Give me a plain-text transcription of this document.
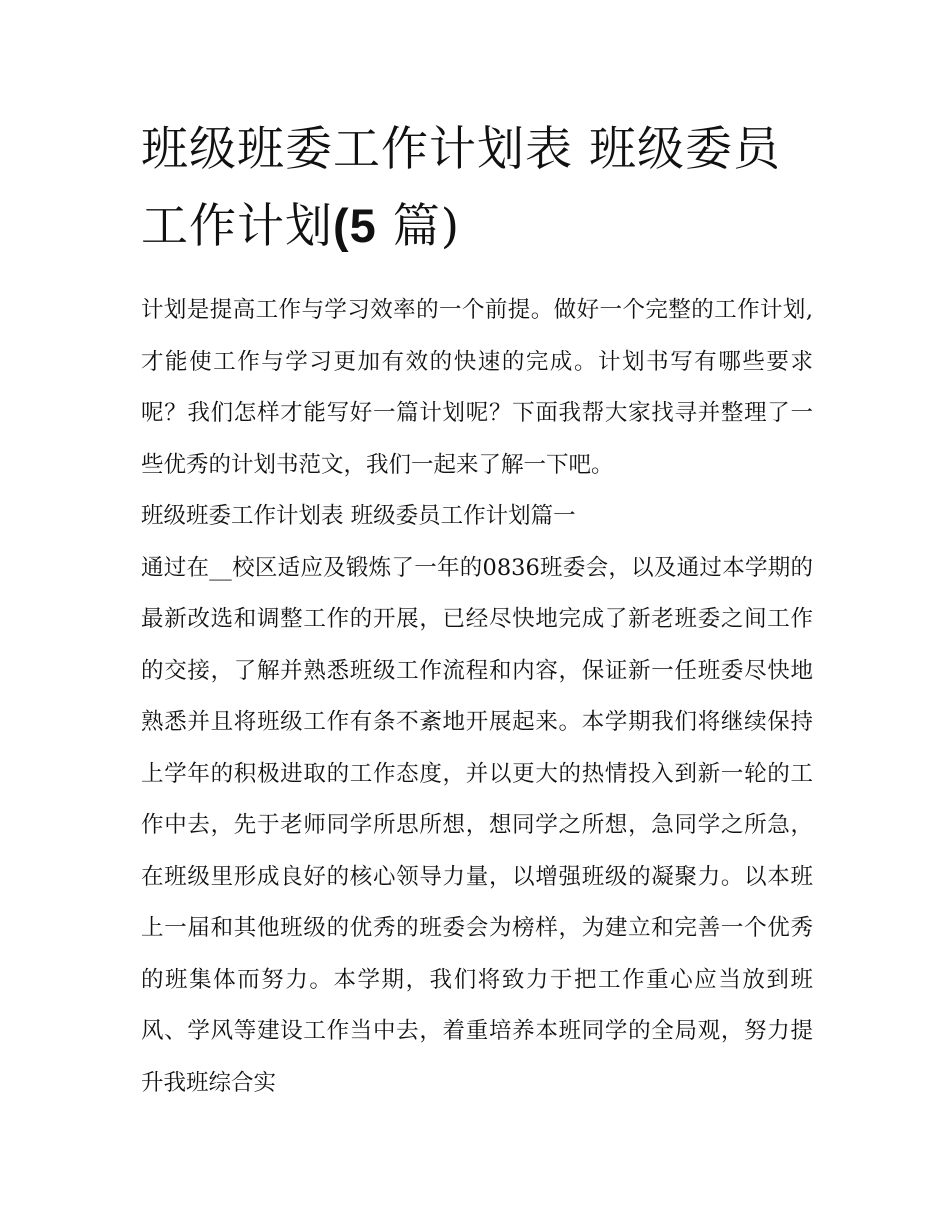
班级班委工作计划表 班级委员工作计划(5 篇)

计划是提高工作与学习效率的一个前提。做好一个完整的工作计划,才能使工作与学习更加有效的快速的完成。计划书写有哪些要求呢？我们怎样才能写好一篇计划呢？下面我帮大家找寻并整理了一些优秀的计划书范文，我们一起来了解一下吧。

班级班委工作计划表 班级委员工作计划篇一

通过在__校区适应及锻炼了一年的0836班委会，以及通过本学期的最新改选和调整工作的开展，已经尽快地完成了新老班委之间工作的交接，了解并熟悉班级工作流程和内容，保证新一任班委尽快地熟悉并且将班级工作有条不紊地开展起来。本学期我们将继续保持上学年的积极进取的工作态度，并以更大的热情投入到新一轮的工作中去，先于老师同学所思所想，想同学之所想，急同学之所急，在班级里形成良好的核心领导力量，以增强班级的凝聚力。以本班上一届和其他班级的优秀的班委会为榜样，为建立和完善一个优秀的班集体而努力。本学期，我们将致力于把工作重心应当放到班风、学风等建设工作当中去，着重培养本班同学的全局观，努力提升我班综合实
